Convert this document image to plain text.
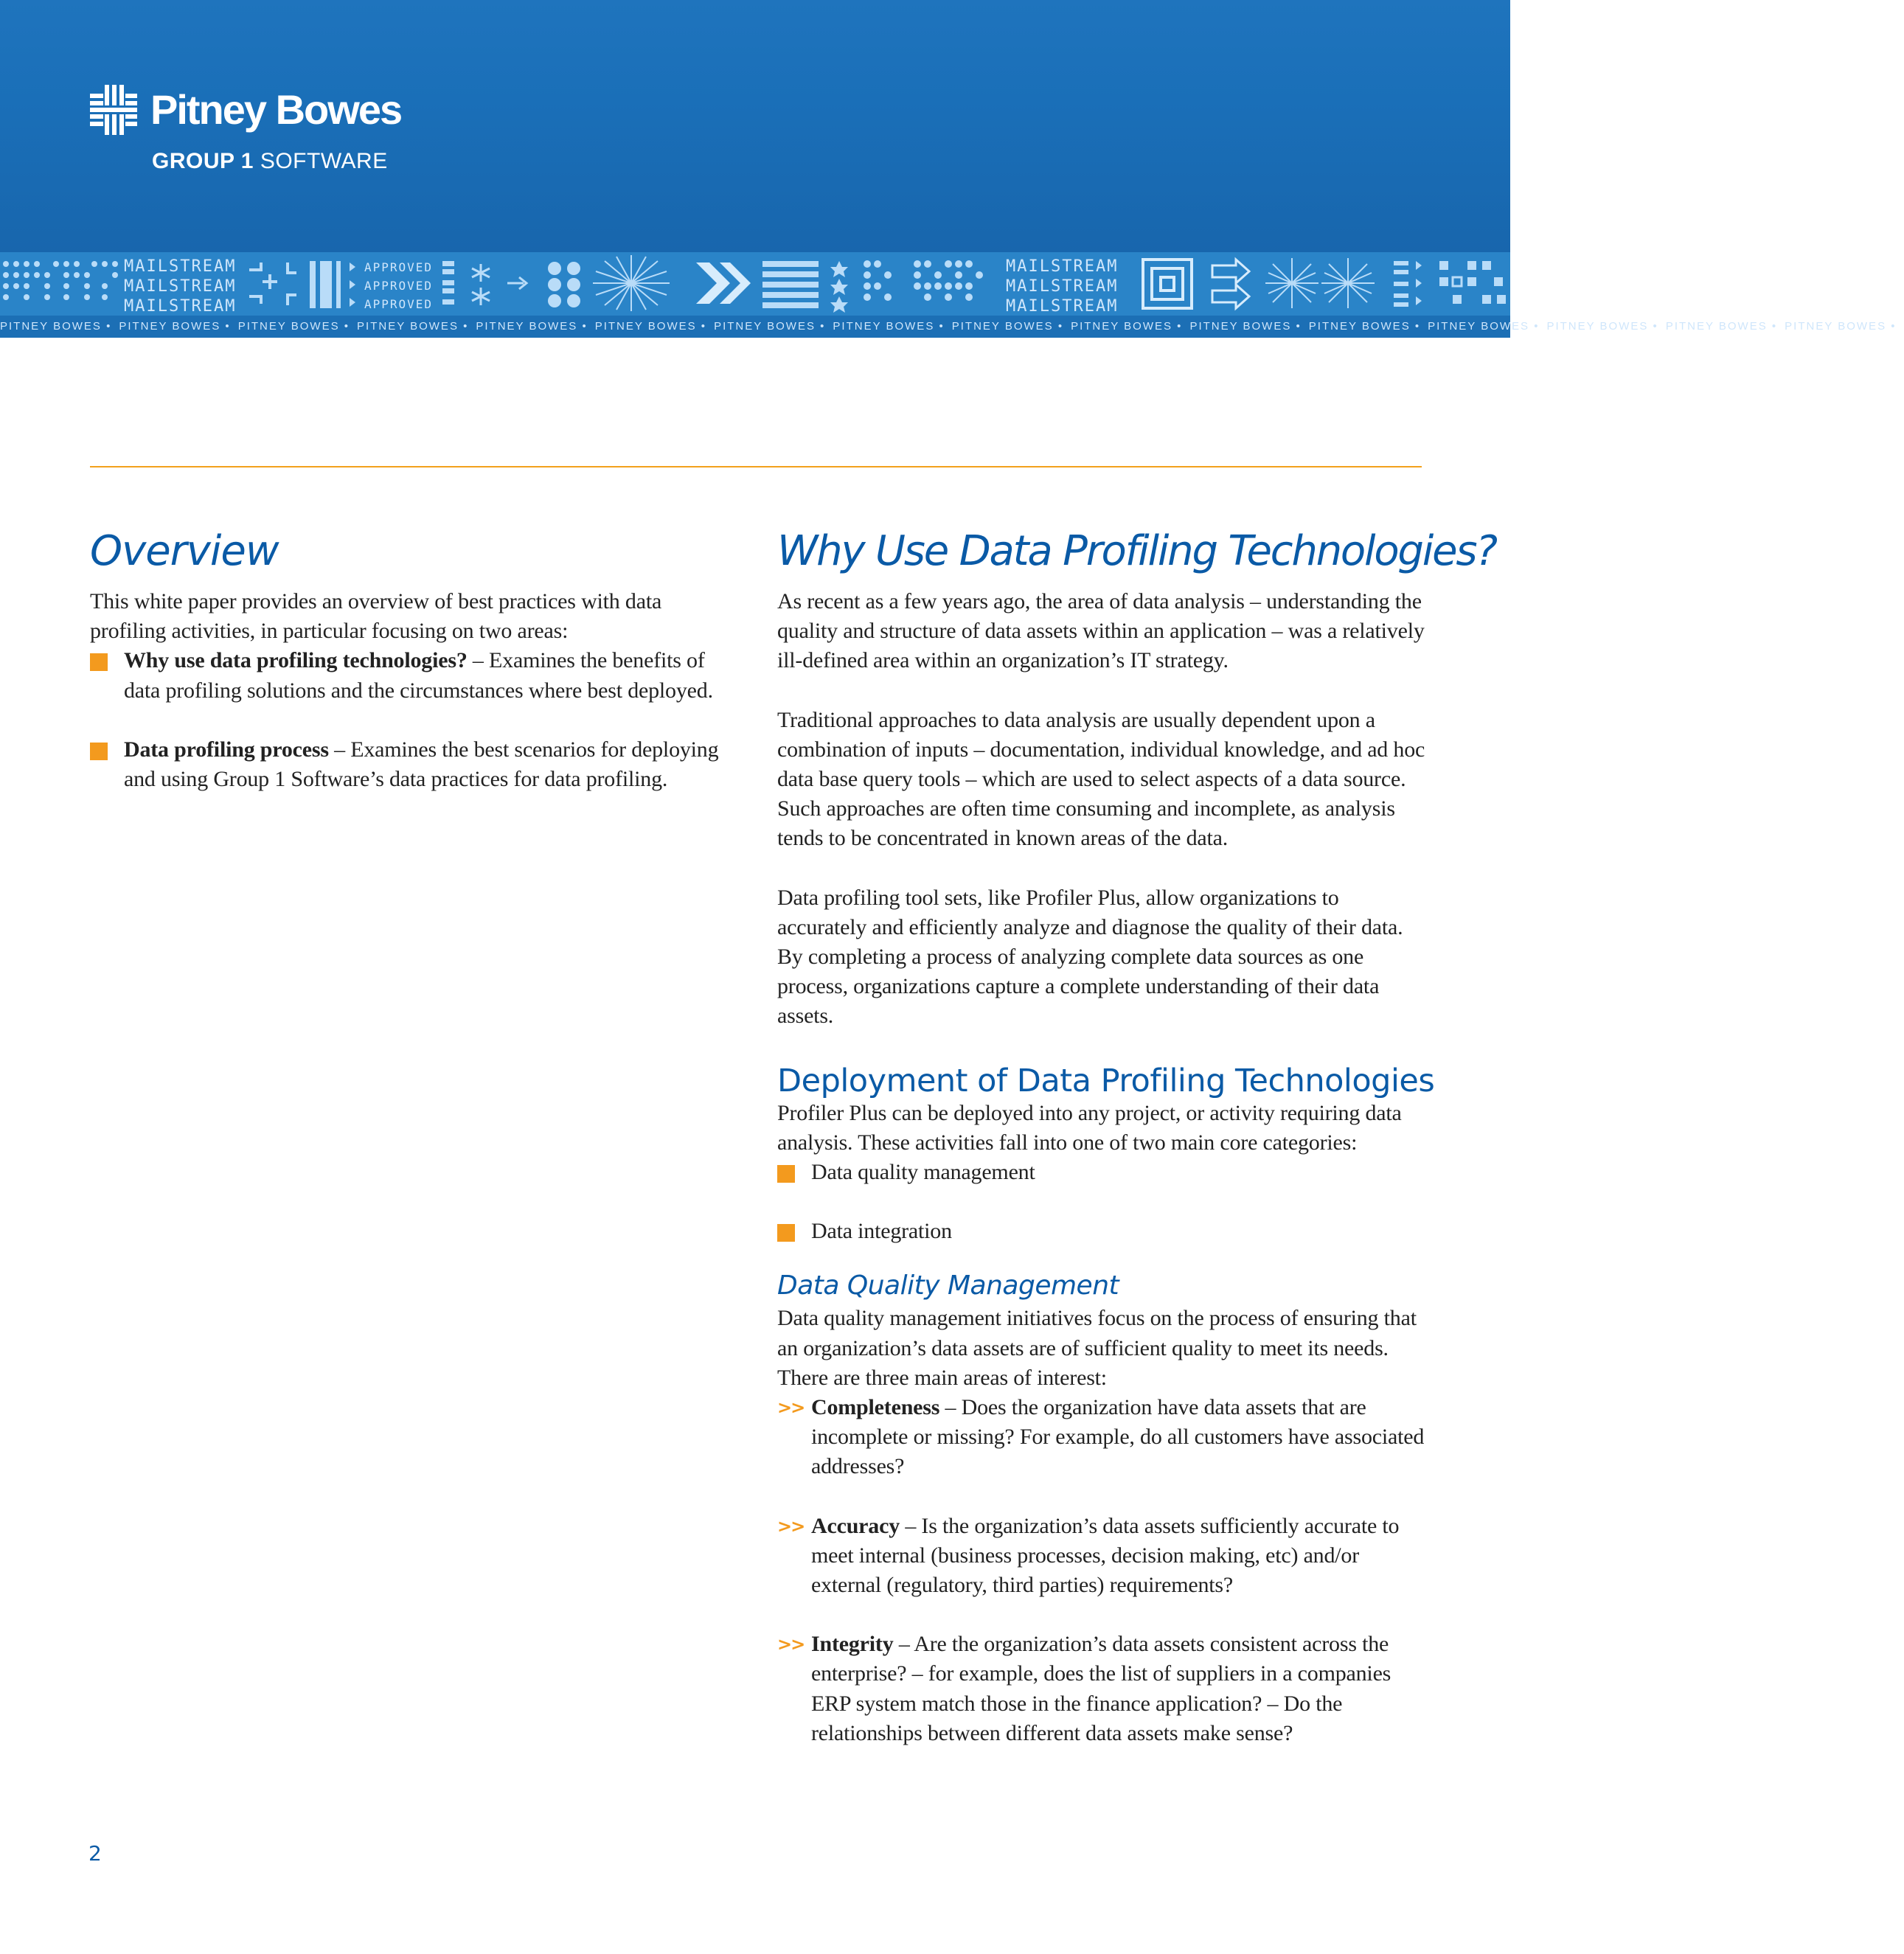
Pitney Bowes
GROUP 1 SOFTWARE
MAILSTREAM
MAILSTREAM
MAILSTREAM
APPROVED
APPROVED
APPROVED
MAILSTREAM
MAILSTREAM
MAILSTREAM
PITNEY BOWES • PITNEY BOWES • PITNEY BOWES • PITNEY BOWES • PITNEY BOWES • PITNEY BOWES • PITNEY BOWES • PITNEY BOWES • PITNEY BOWES • PITNEY BOWES • PITNEY BOWES • PITNEY BOWES • PITNEY BOWES • PITNEY BOWES • PITNEY BOWES • PITNEY BOWES •
Overview

This white paper provides an overview of best practices with data profiling activities, in particular focusing on two areas:

Why use data profiling technologies? – Examines the benefits of data profiling solutions and the circumstances where best deployed.
Data profiling process – Examines the best scenarios for deploying and using Group 1 Software’s data practices for data profiling.
Why Use Data Profiling Technologies?

As recent as a few years ago, the area of data analysis – understanding the quality and structure of data assets within an application – was a relatively ill-defined area within an organization’s IT strategy.

Traditional approaches to data analysis are usually dependent upon a combination of inputs – documentation, individual knowledge, and ad hoc data base query tools – which are used to select aspects of a data source. Such approaches are often time consuming and incomplete, as analysis tends to be concentrated in known areas of the data.

Data profiling tool sets, like Profiler Plus, allow organizations to accurately and efficiently analyze and diagnose the quality of their data. By completing a process of analyzing complete data sources as one process, organizations capture a complete understanding of their data assets.

Deployment of Data Profiling Technologies

Profiler Plus can be deployed into any project, or activity requiring data analysis. These activities fall into one of two main core categories:

Data quality management
Data integration
Data Quality Management

Data quality management initiatives focus on the process of ensuring that an organization’s data assets are of sufficient quality to meet its needs. There are three main areas of interest:

>> Completeness – Does the organization have data assets that are incomplete or missing? For example, do all customers have associated addresses?
>> Accuracy – Is the organization’s data assets sufficiently accurate to meet internal (business processes, decision making, etc) and/or external (regulatory, third parties) requirements?
>> Integrity – Are the organization’s data assets consistent across the enterprise? – for example, does the list of suppliers in a companies ERP system match those in the finance application? – Do the relationships between different data assets make sense?
2
